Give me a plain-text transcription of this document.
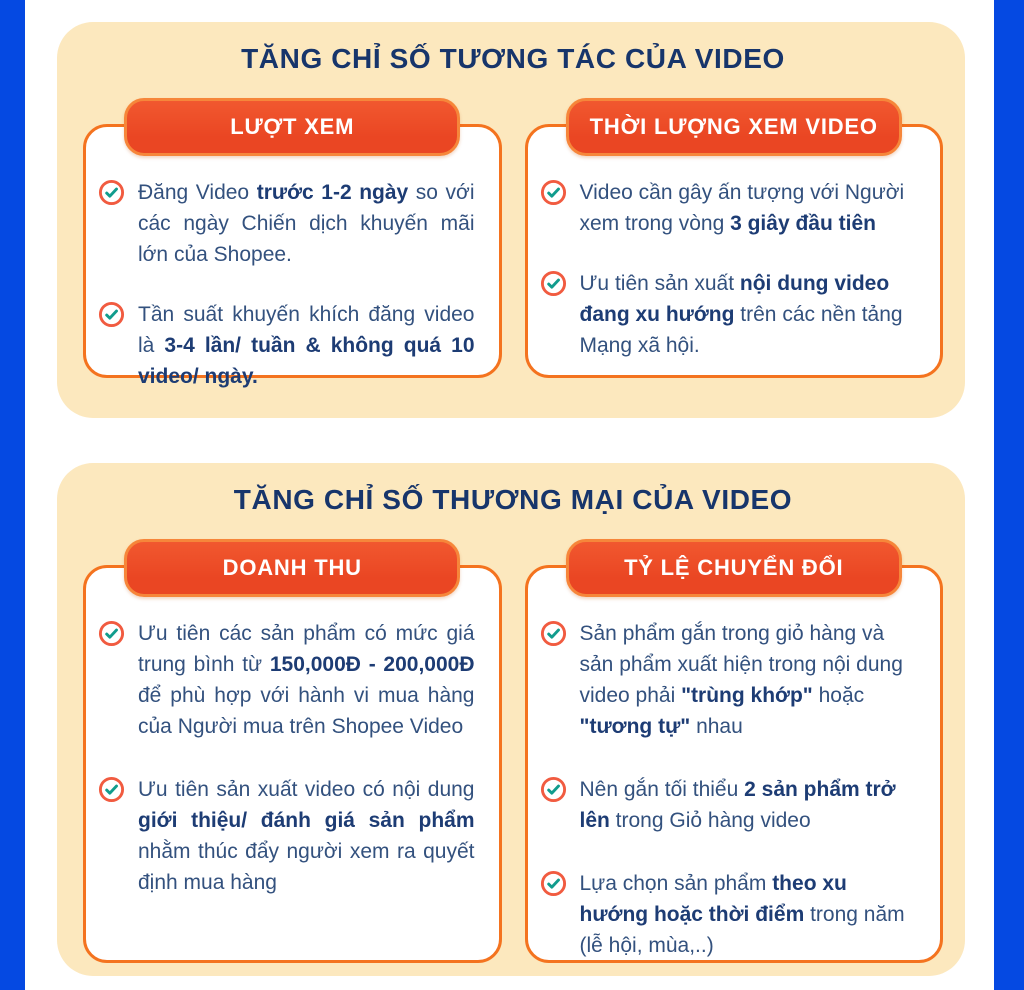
TĂNG CHỈ SỐ TƯƠNG TÁC CỦA VIDEO
LƯỢT XEM

Đăng Video trước 1-2 ngày so với các ngày Chiến dịch khuyến mãi lớn của Shopee.

Tần suất khuyến khích đăng video là 3-4 lần/ tuần & không quá 10 video/ ngày.

THỜI LƯỢNG XEM VIDEO

Video cần gây ấn tượng với Người xem trong vòng 3 giây đầu tiên

Ưu tiên sản xuất nội dung video đang xu hướng trên các nền tảng Mạng xã hội.

TĂNG CHỈ SỐ THƯƠNG MẠI CỦA VIDEO
DOANH THU

Ưu tiên các sản phẩm có mức giá trung bình từ 150,000Đ - 200,000Đ để phù hợp với hành vi mua hàng của Người mua trên Shopee Video

Ưu tiên sản xuất video có nội dung giới thiệu/ đánh giá sản phẩm nhằm thúc đẩy người xem ra quyết định mua hàng

TỶ LỆ CHUYỂN ĐỔI

Sản phẩm gắn trong giỏ hàng và sản phẩm xuất hiện trong nội dung video phải "trùng khớp" hoặc "tương tự" nhau

Nên gắn tối thiểu 2 sản phẩm trở lên trong Giỏ hàng video

Lựa chọn sản phẩm theo xu hướng hoặc thời điểm trong năm (lễ hội, mùa,..)
